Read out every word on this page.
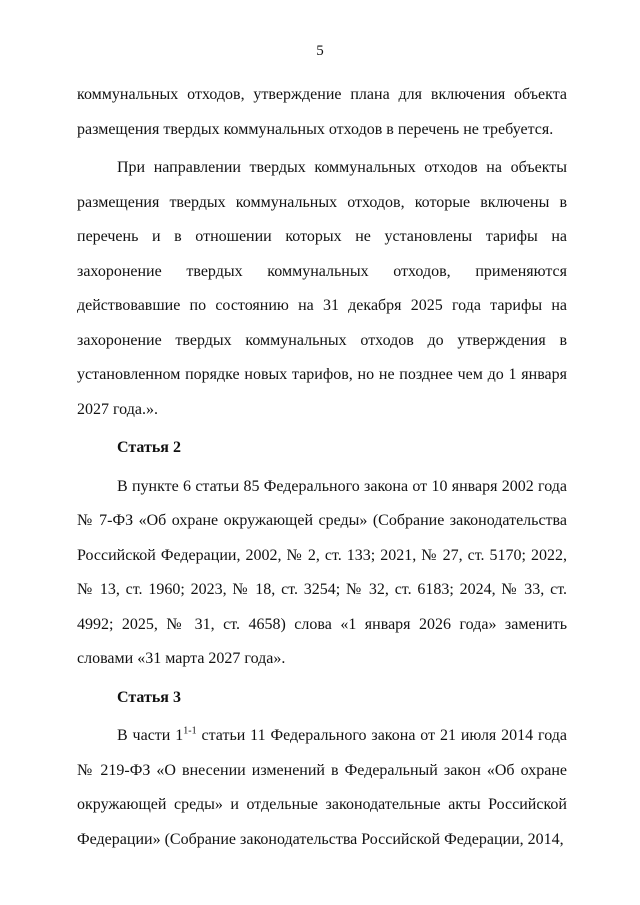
5

коммунальных отходов, утверждение плана для включения объекта размещения твердых коммунальных отходов в перечень не требуется.

При направлении твердых коммунальных отходов на объекты размещения твердых коммунальных отходов, которые включены в перечень и в отношении которых не установлены тарифы на захоронение твердых коммунальных отходов, применяются действовавшие по состоянию на 31 декабря 2025 года тарифы на захоронение твердых коммунальных отходов до утверждения в установленном порядке новых тарифов, но не позднее чем до 1 января 2027 года.».

Статья 2

В пункте 6 статьи 85 Федерального закона от 10 января 2002 года № 7-ФЗ «Об охране окружающей среды» (Собрание законодательства Российской Федерации, 2002, № 2, ст. 133; 2021, № 27, ст. 5170; 2022, № 13, ст. 1960; 2023, № 18, ст. 3254; № 32, ст. 6183; 2024, № 33, ст. 4992; 2025, № 31, ст. 4658) слова «1 января 2026 года» заменить словами «31 марта 2027 года».

Статья 3

В части 1$^{1-1}$ статьи 11 Федерального закона от 21 июля 2014 года № 219-ФЗ «О внесении изменений в Федеральный закон «Об охране окружающей среды» и отдельные законодательные акты Российской Федерации» (Собрание законодательства Российской Федерации, 2014,
